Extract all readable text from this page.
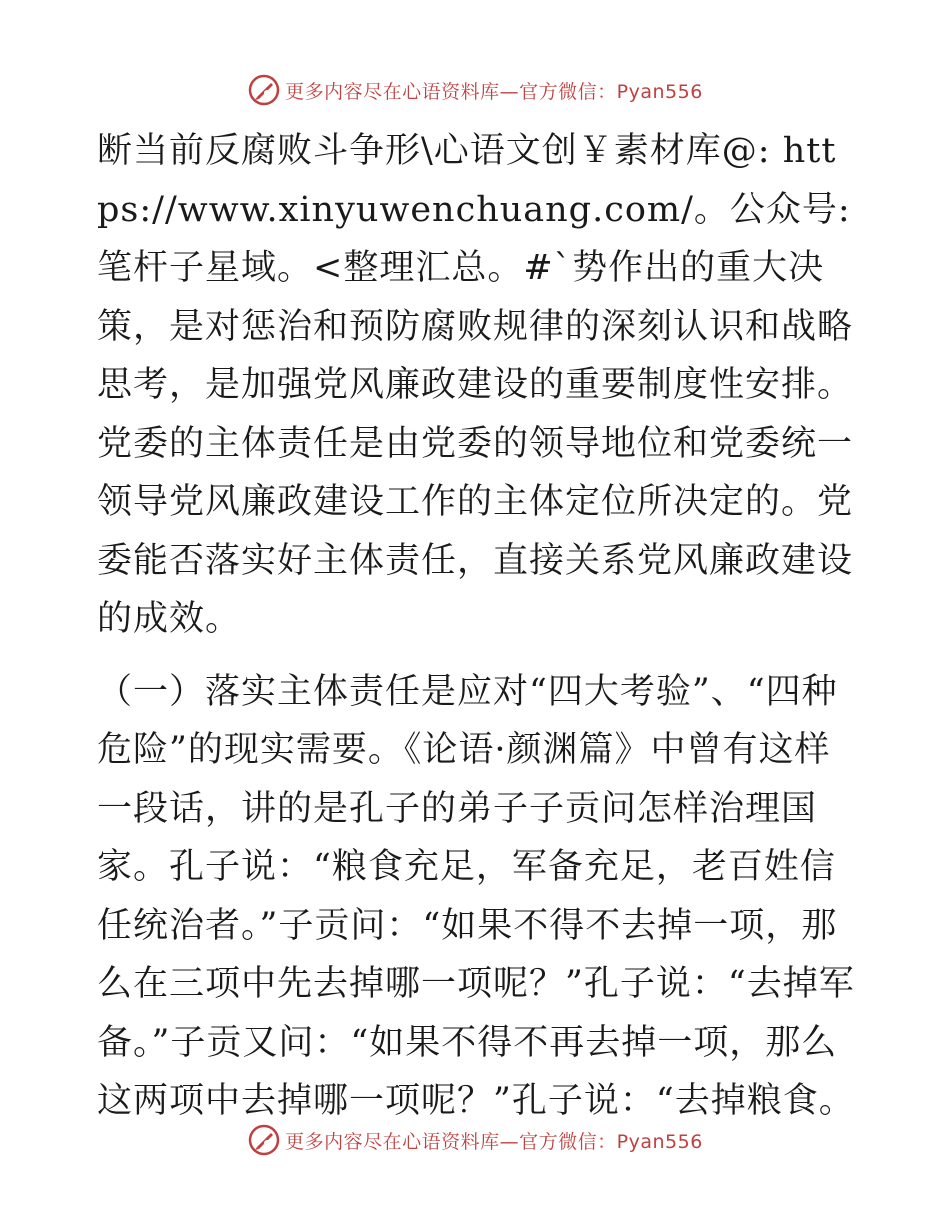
更多内容尽在心语资料库—官方微信：Pyan556

断当前反腐败斗争形\心语文创￥素材库@: https://www.xinyuwenchuang.com/。公众号: 笔杆子星域。<整理汇总。#`势作出的重大决策，是对惩治和预防腐败规律的深刻认识和战略思考，是加强党风廉政建设的重要制度性安排。党委的主体责任是由党委的领导地位和党委统一领导党风廉政建设工作的主体定位所决定的。党委能否落实好主体责任，直接关系党风廉政建设的成效。

（一）落实主体责任是应对“四大考验”、“四种危险”的现实需要。《论语·颜渊篇》中曾有这样一段话，讲的是孔子的弟子子贡问怎样治理国家。孔子说：“粮食充足，军备充足，老百姓信任统治者。”子贡问：“如果不得不去掉一项，那么在三项中先去掉哪一项呢？”孔子说：“去掉军备。”子贡又问：“如果不得不再去掉一项，那么这两项中去掉哪一项呢？”孔子说：“去掉粮食。

更多内容尽在心语资料库—官方微信：Pyan556
